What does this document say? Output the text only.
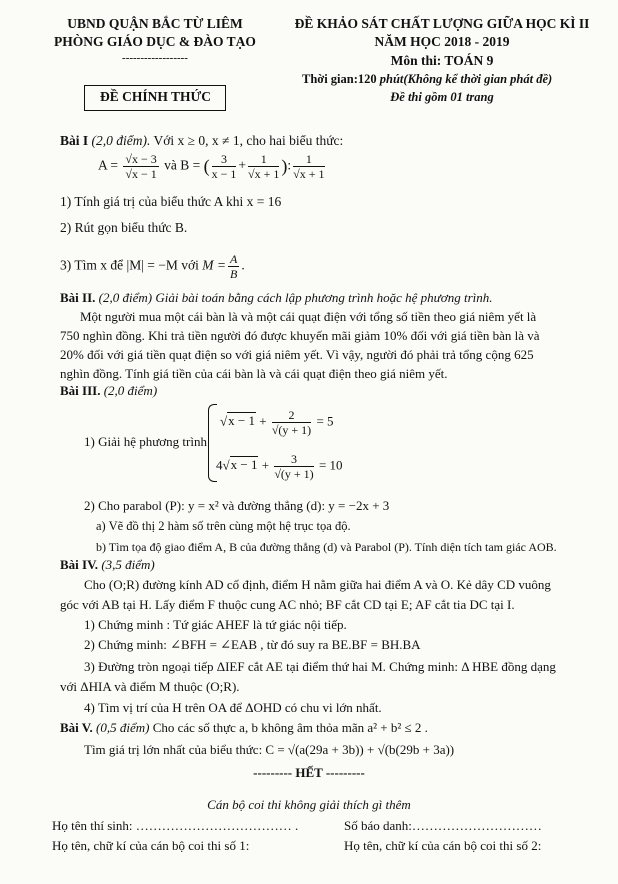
UBND QUẬN BẮC TỪ LIÊM
PHÒNG GIÁO DỤC & ĐÀO TẠO
------------------
ĐỀ CHÍNH THỨC
ĐỀ KHẢO SÁT CHẤT LƯỢNG GIỮA HỌC KÌ II
NĂM HỌC 2018 - 2019
Môn thi: TOÁN 9
Thời gian:120 phút(Không kể thời gian phát đề)
Đề thi gồm 01 trang
Bài I (2,0 điểm). Với x ≥ 0, x ≠ 1, cho hai biểu thức:
$A = \frac{√x - 3}{√x - 1}$ và B = ( $\frac{3}{x - 1} + \frac{1}{√x + 1}$ ): $\frac{1}{√x + 1}$
1) Tính giá trị của biểu thức A khi x = 16
2) Rút gọn biểu thức B.
3) Tìm x để |M| = −M với $M = \frac{A}{B}$ .
Bài II. (2,0 điểm) Giải bài toán bằng cách lập phương trình hoặc hệ phương trình.
Một người mua một cái bàn là và một cái quạt điện với tổng số tiền theo giá niêm yết là
750 nghìn đồng. Khi trả tiền người đó được khuyến mãi giảm 10% đối với giá tiền bàn là và
20% đối với giá tiền quạt điện so với giá niêm yết. Vì vậy, người đó phải trả tổng cộng 625
nghìn đồng. Tính giá tiền của cái bàn là và cái quạt điện theo giá niêm yết.
Bài III. (2,0 điểm)
1) Giải hệ phương trình
$√x - 1 + \frac{2}{√(y + 1)} = 5$
$4√x - 1 + \frac{3}{√(y + 1)} = 10$
2) Cho parabol (P): y = x² và đường thẳng (d): y = −2x + 3
a) Vẽ đồ thị 2 hàm số trên cùng một hệ trục tọa độ.
b) Tìm tọa độ giao điểm A, B của đường thẳng (d) và Parabol (P). Tính diện tích tam giác AOB.
Bài IV. (3,5 điểm)
Cho (O;R) đường kính AD cố định, điểm H nằm giữa hai điểm A và O. Kẻ dây CD vuông
góc với AB tại H. Lấy điểm F thuộc cung AC nhỏ; BF cắt CD tại E; AF cắt tia DC tại I.
1) Chứng minh : Tứ giác AHEF là tứ giác nội tiếp.
2) Chứng minh: ∠BFH = ∠EAB , từ đó suy ra BE.BF = BH.BA
3) Đường tròn ngoại tiếp ΔIEF cắt AE tại điểm thứ hai M. Chứng minh: Δ HBE đồng dạng
với ΔHIA và điểm M thuộc (O;R).
4) Tìm vị trí của H trên OA để ΔOHD có chu vi lớn nhất.
Bài V. (0,5 điểm) Cho các số thực a, b không âm thỏa mãn a² + b² ≤ 2 .
Tìm giá trị lớn nhất của biểu thức: C = √(a(29a + 3b)) + √(b(29b + 3a))
--------- HẾT ---------
Cán bộ coi thi không giải thích gì thêm
Họ tên thí sinh: ……………………………… .	Số báo danh:…………………………
Họ tên, chữ kí của cán bộ coi thi số 1:	Họ tên, chữ kí của cán bộ coi thi số 2:
